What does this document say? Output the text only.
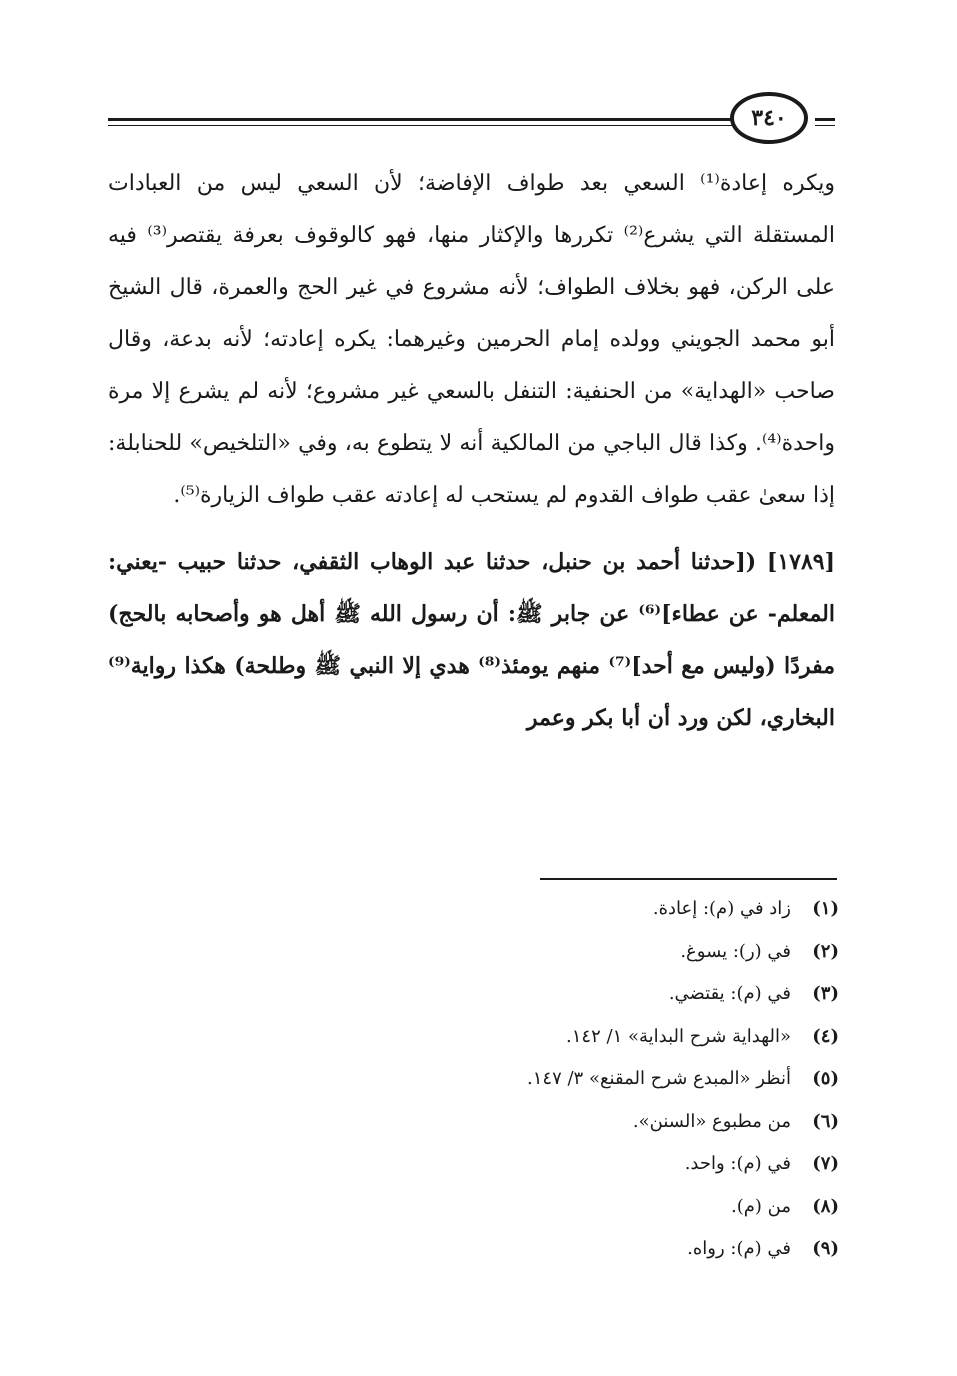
٣٤٠

ويكره إعادة⁽¹⁾ السعي بعد طواف الإفاضة؛ لأن السعي ليس من العبادات المستقلة التي يشرع⁽²⁾ تكررها والإكثار منها، فهو كالوقوف بعرفة يقتصر⁽³⁾ فيه على الركن، فهو بخلاف الطواف؛ لأنه مشروع في غير الحج والعمرة، قال الشيخ أبو محمد الجويني وولده إمام الحرمين وغيرهما: يكره إعادته؛ لأنه بدعة، وقال صاحب «الهداية» من الحنفية: التنفل بالسعي غير مشروع؛ لأنه لم يشرع إلا مرة واحدة⁽⁴⁾. وكذا قال الباجي من المالكية أنه لا يتطوع به، وفي «التلخيص» للحنابلة: إذا سعىٰ عقب طواف القدوم لم يستحب له إعادته عقب طواف الزيارة⁽⁵⁾.

[١٧٨٩] ([حدثنا أحمد بن حنبل، حدثنا عبد الوهاب الثقفي، حدثنا حبيب -يعني: المعلم- عن عطاء]⁽⁶⁾ عن جابر ﷺ: أن رسول الله ﷺ أهل هو وأصحابه بالحج) مفردًا (وليس مع أحد]⁽⁷⁾ منهم يومئذ⁽⁸⁾ هدي إلا النبي ﷺ وطلحة) هكذا رواية⁽⁹⁾ البخاري، لكن ورد أن أبا بكر وعمر

(١)
زاد في (م): إعادة.
(٢)
في (ر): يسوغ.
(٣)
في (م): يقتضي.
(٤)
«الهداية شرح البداية» ١/ ١٤٢.
(٥)
أنظر «المبدع شرح المقنع» ٣/ ١٤٧.
(٦)
من مطبوع «السنن».
(٧)
في (م): واحد.
(٨)
من (م).
(٩)
في (م): رواه.
